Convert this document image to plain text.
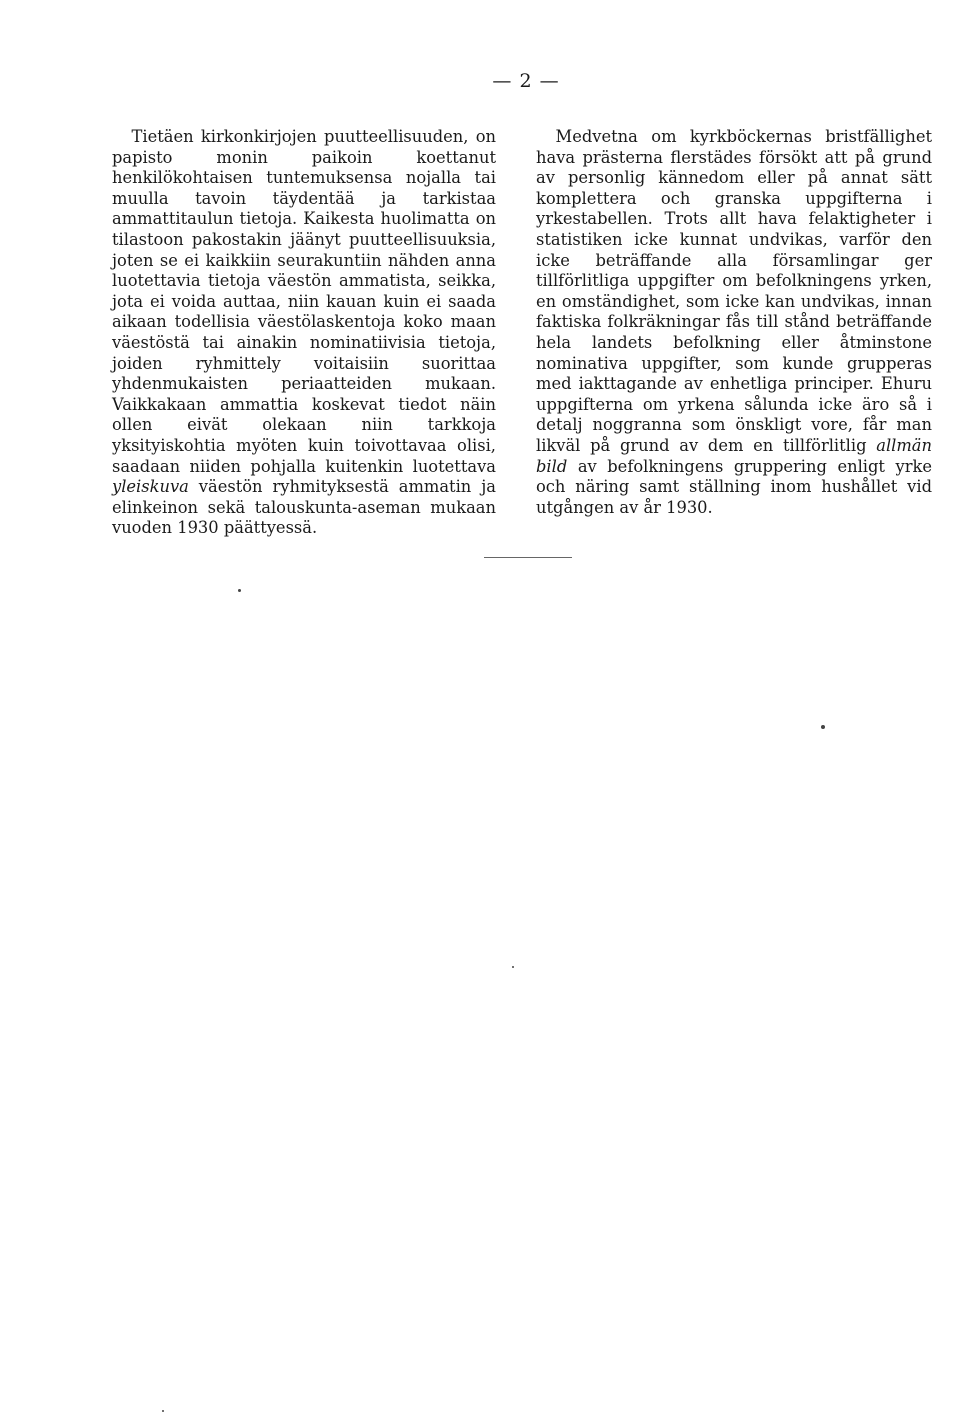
— 2 —

Tietäen kirkonkirjojen puutteellisuuden, on papisto monin paikoin koettanut henkilökohtaisen tuntemuksensa nojalla tai muulla tavoin täydentää ja tarkistaa ammattitaulun tietoja. Kaikesta huolimatta on tilastoon pakostakin jäänyt puutteellisuuksia, joten se ei kaikkiin seurakuntiin nähden anna luotettavia tietoja väestön ammatista, seikka, jota ei voida auttaa, niin kauan kuin ei saada aikaan todellisia väestölaskentoja koko maan väestöstä tai ainakin nominatiivisia tietoja, joiden ryhmittely voitaisiin suorittaa yhdenmukaisten periaatteiden mukaan. Vaikkakaan ammattia koskevat tiedot näin ollen eivät olekaan niin tarkkoja yksityiskohtia myöten kuin toivottavaa olisi, saadaan niiden pohjalla kuitenkin luotettava yleiskuva väestön ryhmityksestä ammatin ja elinkeinon sekä talouskunta-aseman mukaan vuoden 1930 päättyessä.

Medvetna om kyrkböckernas bristfällighet hava prästerna flerstädes försökt att på grund av personlig kännedom eller på annat sätt komplettera och granska uppgifterna i yrkestabellen. Trots allt hava felaktigheter i statistiken icke kunnat undvikas, varför den icke beträffande alla församlingar ger tillförlitliga uppgifter om befolkningens yrken, en omständighet, som icke kan undvikas, innan faktiska folkräkningar fås till stånd beträffande hela landets befolkning eller åtminstone nominativa uppgifter, som kunde grupperas med iakttagande av enhetliga principer. Ehuru uppgifterna om yrkena sålunda icke äro så i detalj noggranna som önskligt vore, får man likväl på grund av dem en tillförlitlig allmän bild av befolkningens gruppering enligt yrke och näring samt ställning inom hushållet vid utgången av år 1930.
